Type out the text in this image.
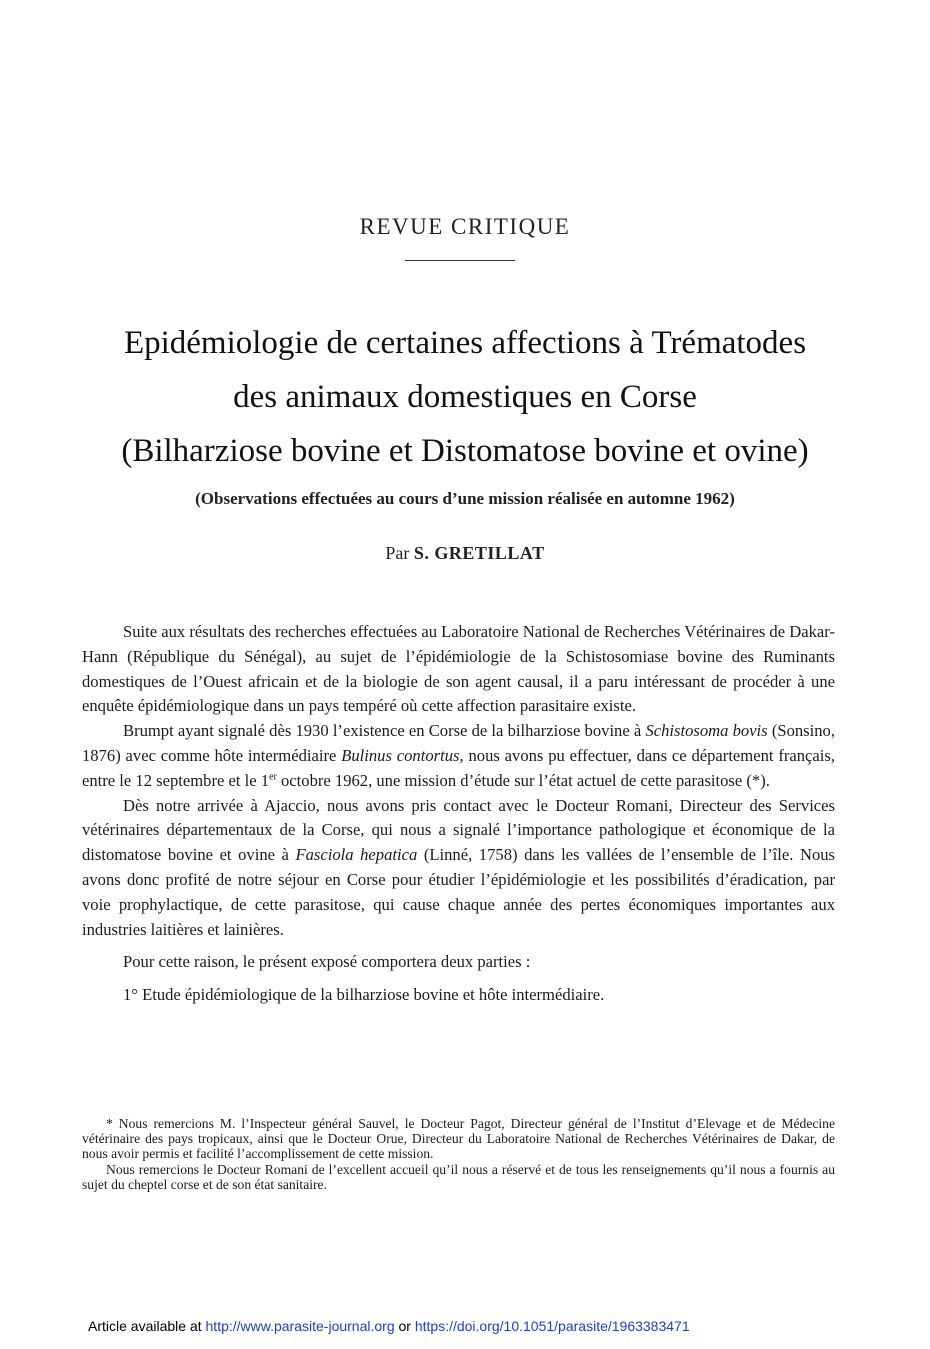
REVUE CRITIQUE
Epidémiologie de certaines affections à Trématodes
des animaux domestiques en Corse
(Bilharziose bovine et Distomatose bovine et ovine)
(Observations effectuées au cours d’une mission réalisée en automne 1962)
Par S. GRETILLAT

Suite aux résultats des recherches effectuées au Laboratoire National de Recherches Vétérinaires de Dakar-Hann (République du Sénégal), au sujet de l’épidémiologie de la Schistosomiase bovine des Ruminants domestiques de l’Ouest africain et de la biologie de son agent causal, il a paru intéressant de procéder à une enquête épidémiologique dans un pays tempéré où cette affection parasitaire existe.

Brumpt ayant signalé dès 1930 l’existence en Corse de la bilharziose bovine à Schistosoma bovis (Sonsino, 1876) avec comme hôte intermédiaire Bulinus contortus, nous avons pu effectuer, dans ce département français, entre le 12 septembre et le 1er octobre 1962, une mission d’étude sur l’état actuel de cette parasitose (*).

Dès notre arrivée à Ajaccio, nous avons pris contact avec le Docteur Romani, Directeur des Services vétérinaires départementaux de la Corse, qui nous a signalé l’importance pathologique et économique de la distomatose bovine et ovine à Fasciola hepatica (Linné, 1758) dans les vallées de l’ensemble de l’île. Nous avons donc profité de notre séjour en Corse pour étudier l’épidémiologie et les possibilités d’éradication, par voie prophylactique, de cette parasitose, qui cause chaque année des pertes économiques importantes aux industries laitières et lainières.

Pour cette raison, le présent exposé comportera deux parties :

1° Etude épidémiologique de la bilharziose bovine et hôte intermédiaire.

* Nous remercions M. l’Inspecteur général Sauvel, le Docteur Pagot, Directeur général de l’Institut d’Elevage et de Médecine vétérinaire des pays tropicaux, ainsi que le Docteur Orue, Directeur du Laboratoire National de Recherches Vétérinaires de Dakar, de nous avoir permis et facilité l’accomplissement de cette mission.

Nous remercions le Docteur Romani de l’excellent accueil qu’il nous a réservé et de tous les renseignements qu’il nous a fournis au sujet du cheptel corse et de son état sanitaire.

Article available at http://www.parasite-journal.org or https://doi.org/10.1051/parasite/1963383471
